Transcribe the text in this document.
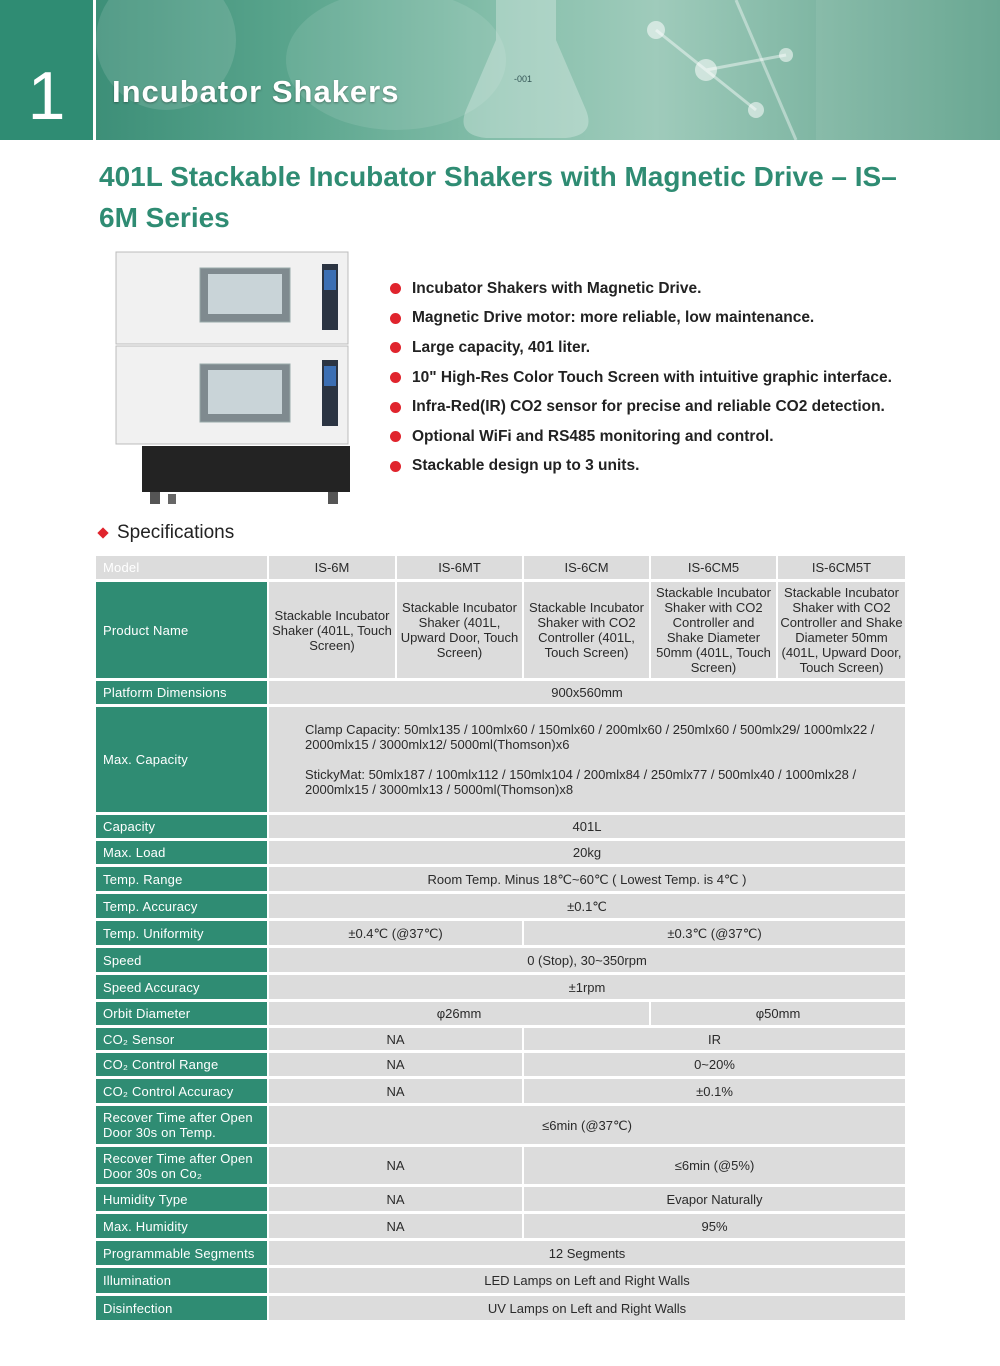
1	-001
Incubator Shakers
401L Stackable Incubator Shakers with Magnetic Drive – IS–6M Series
Incubator Shakers with Magnetic Drive.
Magnetic Drive motor: more reliable, low maintenance.
Large capacity, 401 liter.
10" High-Res Color Touch Screen with intuitive graphic interface.
Infra-Red(IR) CO2 sensor for precise and reliable CO2 detection.
Optional WiFi and RS485 monitoring and control.
Stackable design up to 3 units.
Specifications
Model	IS-6M	IS-6MT	IS-6CM	IS-6CM5	IS-6CM5T
Product Name	Stackable Incubator Shaker (401L, Touch Screen)	Stackable Incubator Shaker (401L, Upward Door, Touch Screen)	Stackable Incubator Shaker with CO2 Controller (401L, Touch Screen)	Stackable Incubator Shaker with CO2 Controller and Shake Diameter 50mm (401L, Touch Screen)	Stackable Incubator Shaker with CO2 Controller and Shake Diameter 50mm (401L, Upward Door, Touch Screen)
Platform Dimensions	900x560mm				
Max. Capacity	Clamp Capacity: 50mlx135 / 100mlx60 / 150mlx60 / 200mlx60 / 250mlx60 / 500mlx29/ 1000mlx22 / 2000mlx15 / 3000mlx12/ 5000ml(Thomson)x6

StickyMat: 50mlx187 / 100mlx112 / 150mlx104 / 200mlx84 / 250mlx77 / 500mlx40 / 1000mlx28 / 2000mlx15 / 3000mlx13 / 5000ml(Thomson)x8				

Capacity	401L				
Max. Load	20kg				
Temp. Range	Room Temp. Minus 18℃~60℃ ( Lowest Temp. is 4℃ )				
Temp. Accuracy	±0.1℃				
Temp. Uniformity	±0.4℃ (@37℃)		±0.3℃ (@37℃)		
Speed	0 (Stop), 30~350rpm				
Speed Accuracy	±1rpm				
Orbit Diameter	φ26mm			φ50mm	
CO₂ Sensor	NA		IR		
CO₂ Control Range	NA		0~20%		
CO₂ Control Accuracy	NA		±0.1%		
Recover Time after Open Door 30s on Temp.	≤6min (@37℃)				
Recover Time after Open Door 30s on Co₂	NA		≤6min (@5%)		
Humidity Type	NA		Evapor Naturally		
Max. Humidity	NA		95%		
Programmable Segments	12 Segments				
Illumination	LED Lamps on Left and Right Walls				
Disinfection	UV Lamps on Left and Right Walls				
